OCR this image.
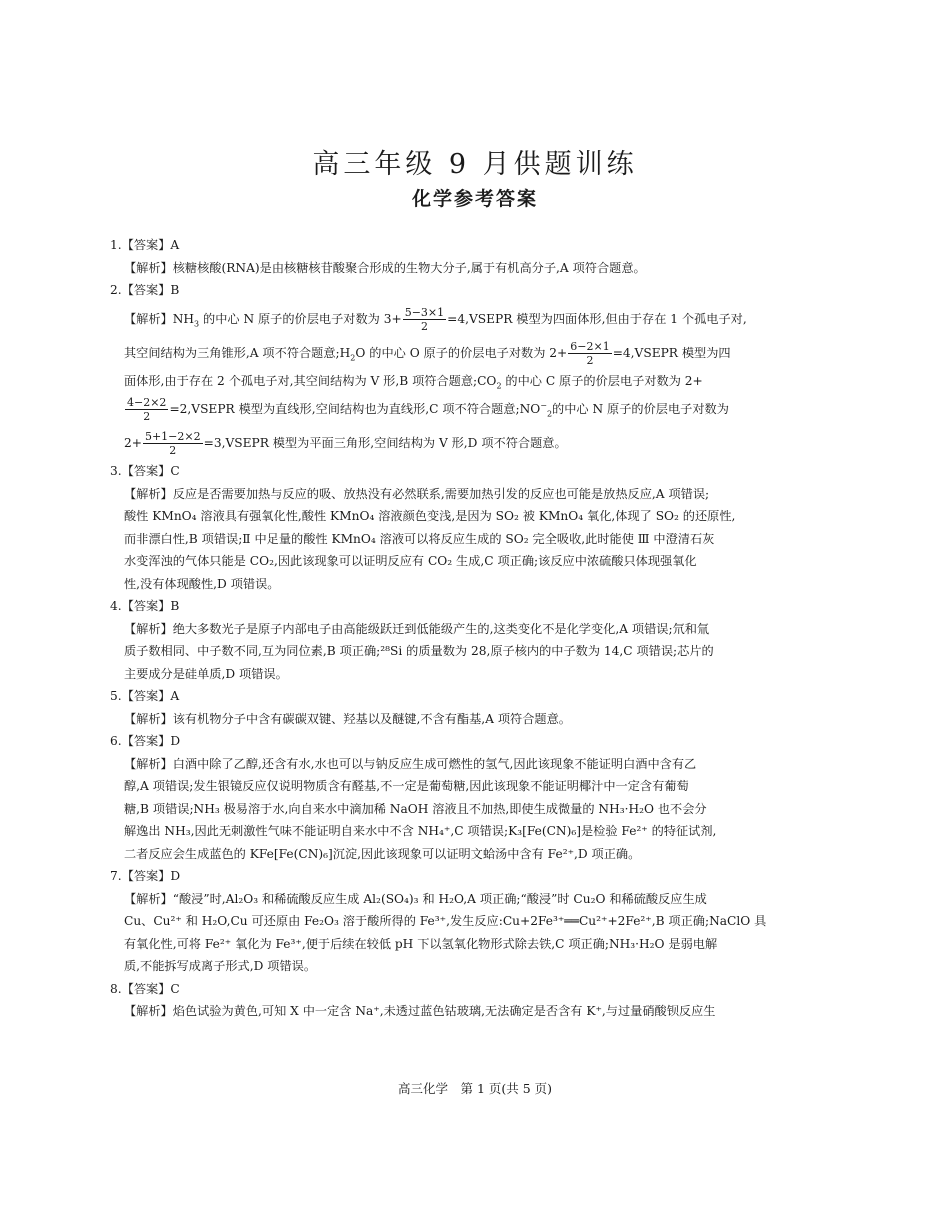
高三年级 9 月供题训练
化学参考答案
1.【答案】A
【解析】核糖核酸(RNA)是由核糖核苷酸聚合形成的生物大分子,属于有机高分子,A 项符合题意。
2.【答案】B
【解析】$NH_3$ 的中心 N 原子的价层电子对数为 $3+ \frac{5-3\times 1}{2}$ =4,VSEPR 模型为四面体形,但由于存在 1 个孤电子对,
其空间结构为三角锥形,A 项不符合题意$;H_2O$ 的中心 O 原子的价层电子对数为 $2+ \frac{6-2\times 1}{2}$ =4,VSEPR 模型为四
面体形,由于存在 2 个孤电子对,其空间结构为 V 形,B 项符合题意$;CO_2$ 的中心 C 原子的价层电子对数为 2+
$\frac{4-2\times 2}{2}$ =2,VSEPR 模型为直线形,空间结构也为直线形,C 项不符合题意$;NO^-_2$的中心 N 原子的价层电子对数为
$2+ \frac{5+1-2\times 2}{2}$ =3,VSEPR 模型为平面三角形,空间结构为 V 形,D 项不符合题意。
3.【答案】C
【解析】反应是否需要加热与反应的吸、放热没有必然联系,需要加热引发的反应也可能是放热反应,A 项错误;
酸性 KMnO₄ 溶液具有强氧化性,酸性 KMnO₄ 溶液颜色变浅,是因为 SO₂ 被 KMnO₄ 氧化,体现了 SO₂ 的还原性,
而非漂白性,B 项错误;Ⅱ 中足量的酸性 KMnO₄ 溶液可以将反应生成的 SO₂ 完全吸收,此时能使 Ⅲ 中澄清石灰
水变浑浊的气体只能是 CO₂,因此该现象可以证明反应有 CO₂ 生成,C 项正确;该反应中浓硫酸只体现强氧化
性,没有体现酸性,D 项错误。
4.【答案】B
【解析】绝大多数光子是原子内部电子由高能级跃迁到低能级产生的,这类变化不是化学变化,A 项错误;氘和氚
质子数相同、中子数不同,互为同位素,B 项正确;²⁸Si 的质量数为 28,原子核内的中子数为 14,C 项错误;芯片的
主要成分是硅单质,D 项错误。
5.【答案】A
【解析】该有机物分子中含有碳碳双键、羟基以及醚键,不含有酯基,A 项符合题意。
6.【答案】D
【解析】白酒中除了乙醇,还含有水,水也可以与钠反应生成可燃性的氢气,因此该现象不能证明白酒中含有乙
醇,A 项错误;发生银镜反应仅说明物质含有醛基,不一定是葡萄糖,因此该现象不能证明椰汁中一定含有葡萄
糖,B 项错误;NH₃ 极易溶于水,向自来水中滴加稀 NaOH 溶液且不加热,即使生成微量的 NH₃·H₂O 也不会分
解逸出 NH₃,因此无刺激性气味不能证明自来水中不含 NH₄⁺,C 项错误;K₃[Fe(CN)₆]是检验 Fe²⁺ 的特征试剂,
二者反应会生成蓝色的 KFe[Fe(CN)₆]沉淀,因此该现象可以证明文蛤汤中含有 Fe²⁺,D 项正确。
7.【答案】D
【解析】“酸浸”时,Al₂O₃ 和稀硫酸反应生成 Al₂(SO₄)₃ 和 H₂O,A 项正确;“酸浸”时 Cu₂O 和稀硫酸反应生成
Cu、Cu²⁺ 和 H₂O,Cu 可还原由 Fe₂O₃ 溶于酸所得的 Fe³⁺,发生反应:Cu+2Fe³⁺══Cu²⁺+2Fe²⁺,B 项正确;NaClO 具
有氧化性,可将 Fe²⁺ 氧化为 Fe³⁺,便于后续在较低 pH 下以氢氧化物形式除去铁,C 项正确;NH₃·H₂O 是弱电解
质,不能拆写成离子形式,D 项错误。
8.【答案】C
【解析】焰色试验为黄色,可知 X 中一定含 Na⁺,未透过蓝色钴玻璃,无法确定是否含有 K⁺,与过量硝酸钡反应生
高三化学　第 1 页(共 5 页)
